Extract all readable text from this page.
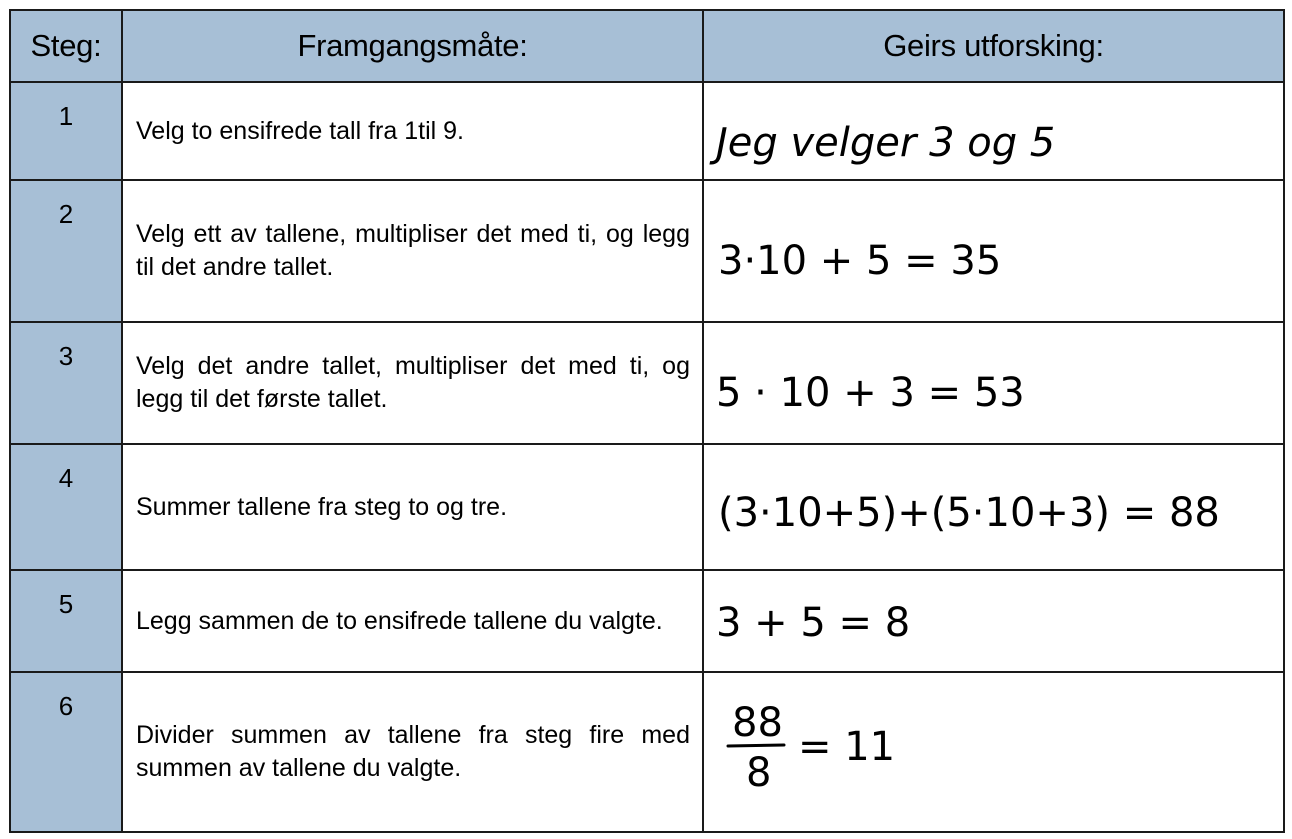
Steg:	Framgangsmåte:	Geirs utforsking:
1	Velg to ensifrede tall fra 1til 9.	Jeg velger 3 og 5

2	Velg ett av tallene, multipliser det med ti, og legg til det andre tallet.	3·10 + 5 = 35

3	Velg det andre tallet, multipliser det med ti, og legg til det første tallet.	5 · 10 + 3 = 53

4	Summer tallene fra steg to og tre.	(3·10+5)+(5·10+3) = 88

5	Legg sammen de to ensifrede tallene du valgte.	3 + 5 = 8

6	Divider summen av tallene fra steg fire med summen av tallene du valgte.	88
8
= 11
